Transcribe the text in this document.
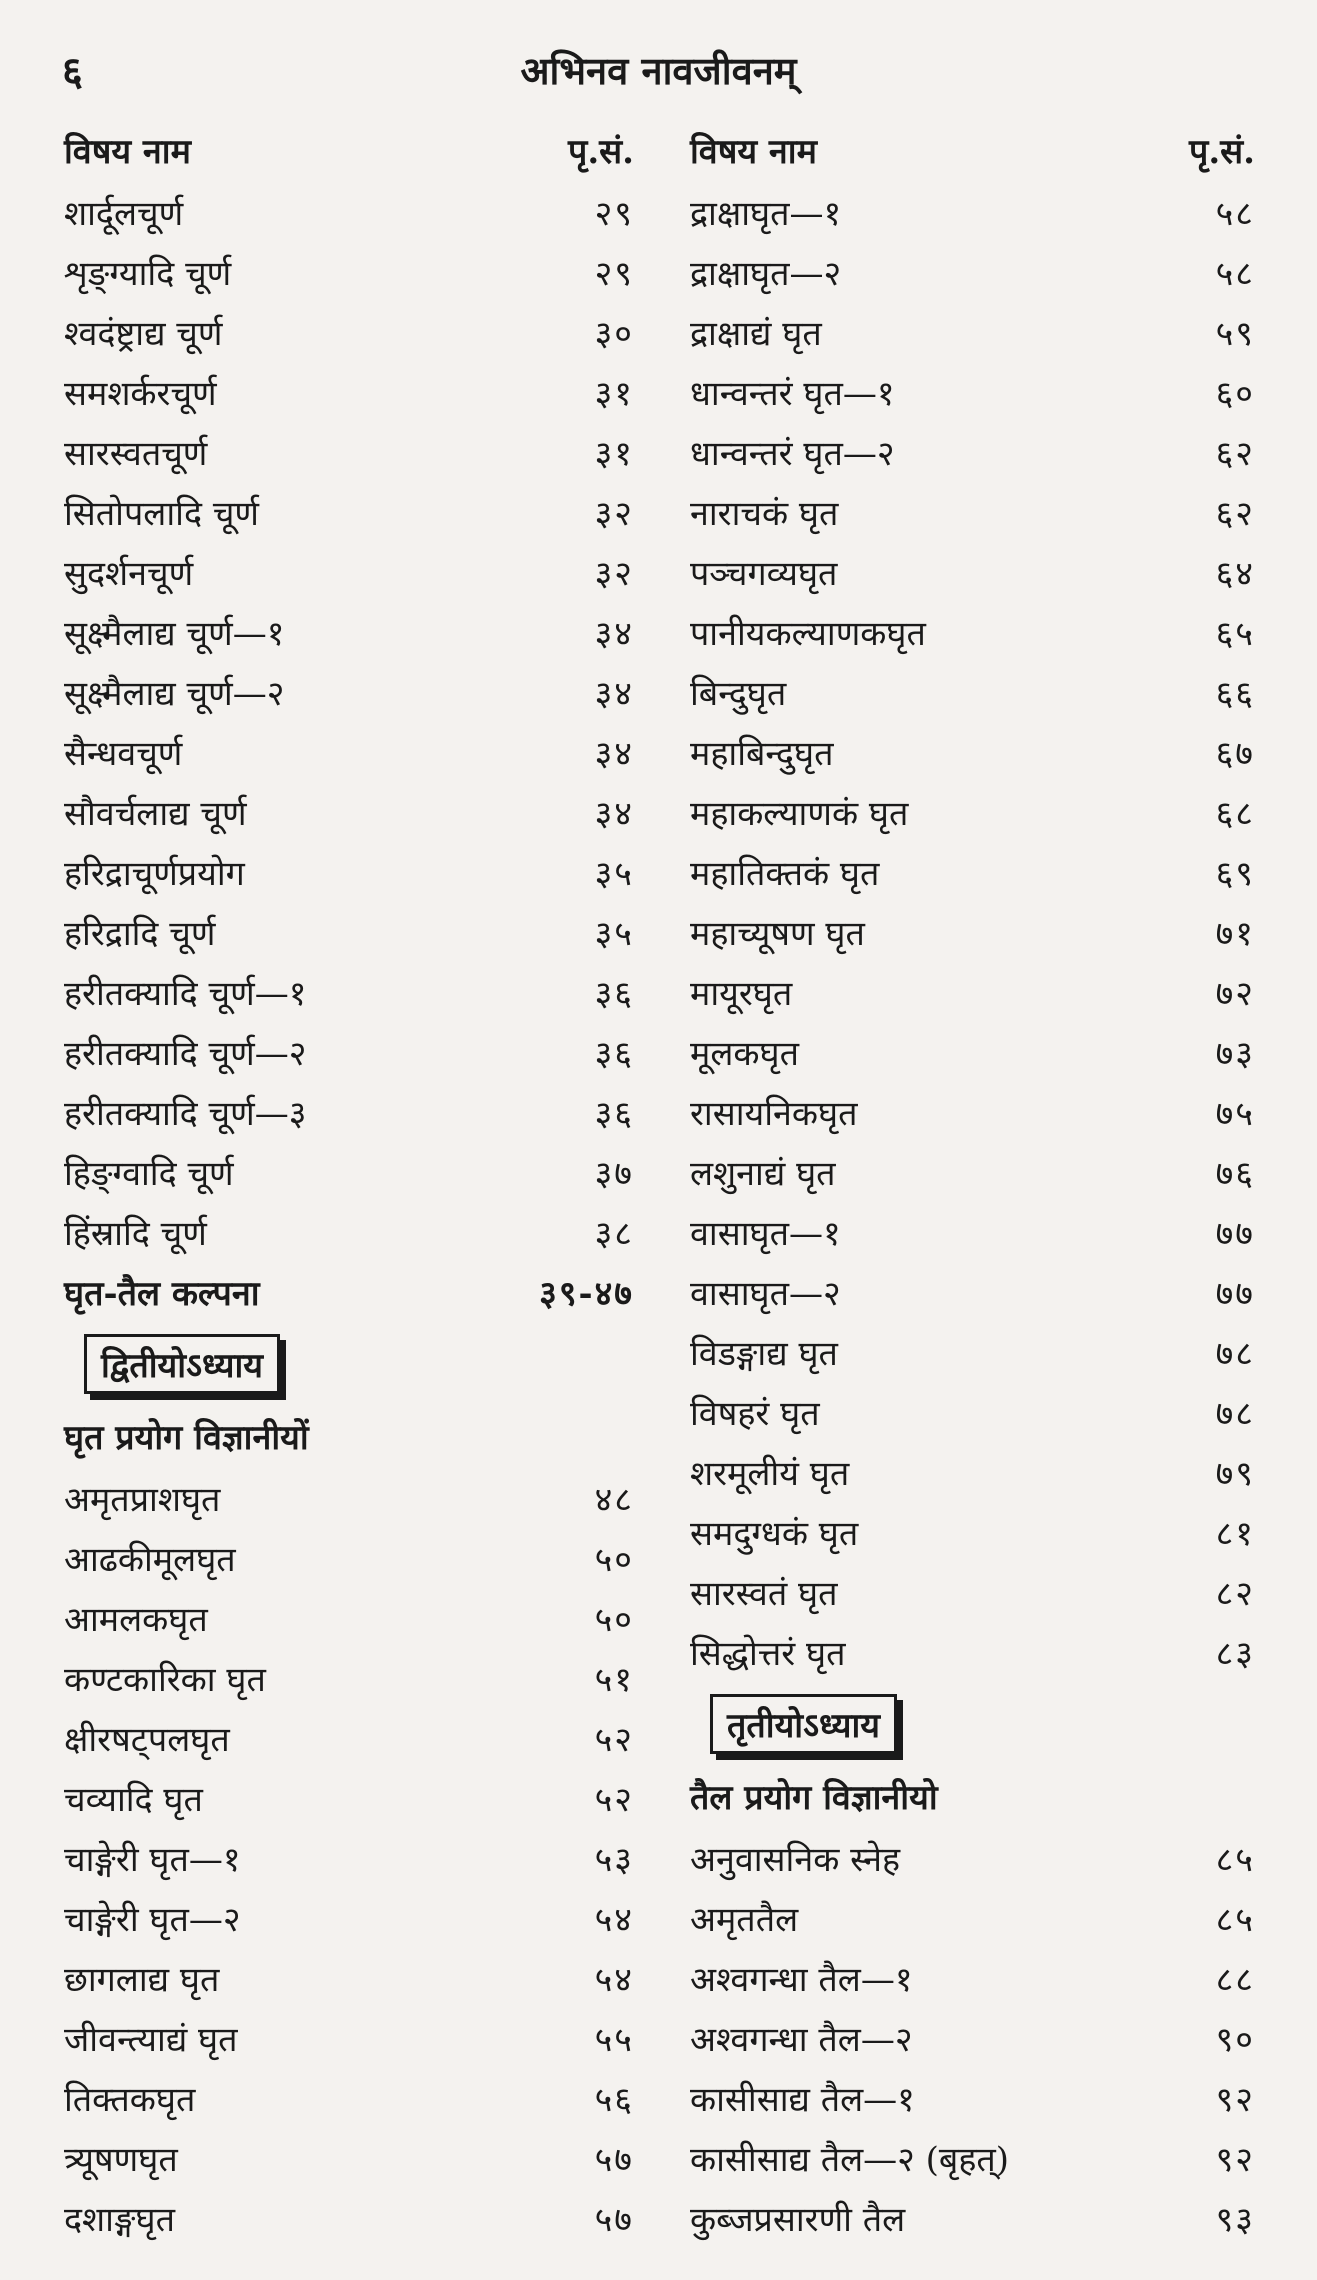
६	अभिनव नावजीवनम्
विषय नाम	पृ.सं.
शार्दूलचूर्ण	२९
शृङ्ग्यादि चूर्ण	२९
श्वदंष्ट्राद्य चूर्ण	३०
समशर्करचूर्ण	३१
सारस्वतचूर्ण	३१
सितोपलादि चूर्ण	३२
सुदर्शनचूर्ण	३२
सूक्ष्मैलाद्य चूर्ण—१	३४
सूक्ष्मैलाद्य चूर्ण—२	३४
सैन्धवचूर्ण	३४
सौवर्चलाद्य चूर्ण	३४
हरिद्राचूर्णप्रयोग	३५
हरिद्रादि चूर्ण	३५
हरीतक्यादि चूर्ण—१	३६
हरीतक्यादि चूर्ण—२	३६
हरीतक्यादि चूर्ण—३	३६
हिङ्ग्वादि चूर्ण	३७
हिंस्रादि चूर्ण	३८
घृत-तैल कल्पना	३९-४७
द्वितीयोऽध्याय
घृत प्रयोग विज्ञानीयों
अमृतप्राशघृत	४८
आढकीमूलघृत	५०
आमलकघृत	५०
कण्टकारिका घृत	५१
क्षीरषट्पलघृत	५२
चव्यादि घृत	५२
चाङ्गेरी घृत—१	५३
चाङ्गेरी घृत—२	५४
छागलाद्य घृत	५४
जीवन्त्याद्यं घृत	५५
तिक्तकघृत	५६
त्र्यूषणघृत	५७
दशाङ्गघृत	५७
विषय नाम	पृ.सं.
द्राक्षाघृत—१	५८
द्राक्षाघृत—२	५८
द्राक्षाद्यं घृत	५९
धान्वन्तरं घृत—१	६०
धान्वन्तरं घृत—२	६२
नाराचकं घृत	६२
पञ्चगव्यघृत	६४
पानीयकल्याणकघृत	६५
बिन्दुघृत	६६
महाबिन्दुघृत	६७
महाकल्याणकं घृत	६८
महातिक्तकं घृत	६९
महाच्यूषण घृत	७१
मायूरघृत	७२
मूलकघृत	७३
रासायनिकघृत	७५
लशुनाद्यं घृत	७६
वासाघृत—१	७७
वासाघृत—२	७७
विडङ्गाद्य घृत	७८
विषहरं घृत	७८
शरमूलीयं घृत	७९
समदुग्धकं घृत	८१
सारस्वतं घृत	८२
सिद्धोत्तरं घृत	८३
तृतीयोऽध्याय
तैल प्रयोग विज्ञानीयो
अनुवासनिक स्नेह	८५
अमृततैल	८५
अश्वगन्धा तैल—१	८८
अश्वगन्धा तैल—२	९०
कासीसाद्य तैल—१	९२
कासीसाद्य तैल—२ (बृहत्)	९२
कुब्जप्रसारणी तैल	९३
